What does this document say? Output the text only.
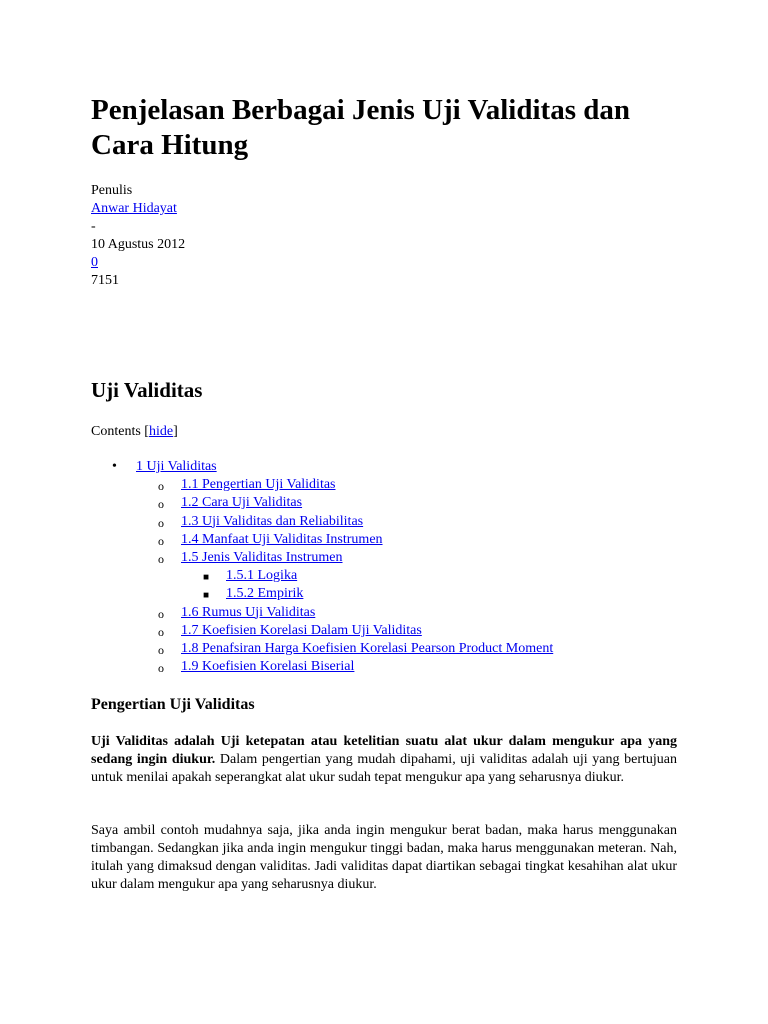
Penjelasan Berbagai Jenis Uji Validitas dan Cara Hitung
Penulis
Anwar Hidayat
-
10 Agustus 2012
0
7151
Uji Validitas
Contents [hide]
• 1 Uji Validitas
o 1.1 Pengertian Uji Validitas
o 1.2 Cara Uji Validitas
o 1.3 Uji Validitas dan Reliabilitas
o 1.4 Manfaat Uji Validitas Instrumen
o 1.5 Jenis Validitas Instrumen
■ 1.5.1 Logika
■ 1.5.2 Empirik
o 1.6 Rumus Uji Validitas
o 1.7 Koefisien Korelasi Dalam Uji Validitas
o 1.8 Penafsiran Harga Koefisien Korelasi Pearson Product Moment
o 1.9 Koefisien Korelasi Biserial
Pengertian Uji Validitas

Uji Validitas adalah Uji ketepatan atau ketelitian suatu alat ukur dalam mengukur apa yang sedang ingin diukur. Dalam pengertian yang mudah dipahami, uji validitas adalah uji yang bertujuan untuk menilai apakah seperangkat alat ukur sudah tepat mengukur apa yang seharusnya diukur.

Saya ambil contoh mudahnya saja, jika anda ingin mengukur berat badan, maka harus menggunakan timbangan. Sedangkan jika anda ingin mengukur tinggi badan, maka harus menggunakan meteran. Nah, itulah yang dimaksud dengan validitas. Jadi validitas dapat diartikan sebagai tingkat kesahihan alat ukur ukur dalam mengukur apa yang seharusnya diukur.
